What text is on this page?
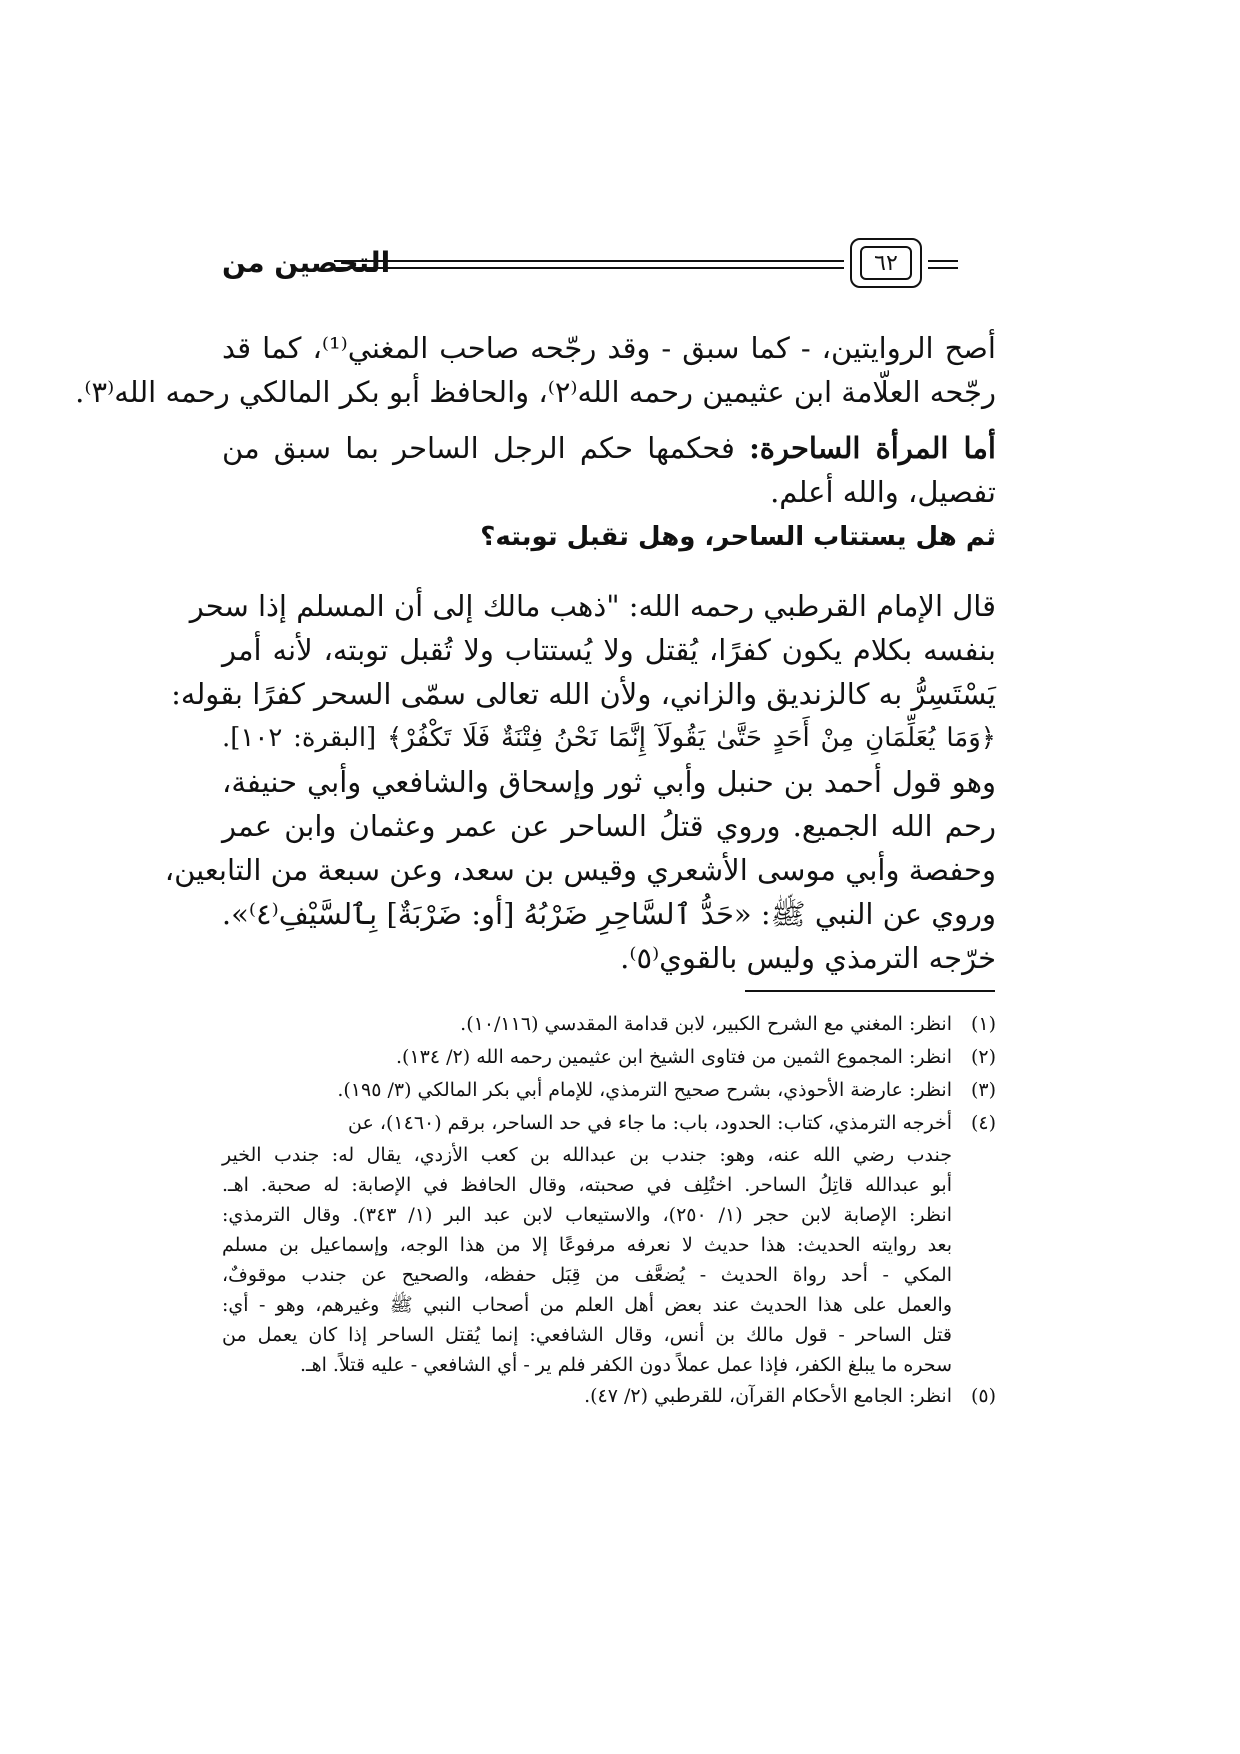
التحصين من	٦٢
أصح الروايتين، - كما سبق - وقد رجّحه صاحب المغني⁽¹⁾، كما قد
رجّحه العلّامة ابن عثيمين رحمه الله⁽٢⁾، والحافظ أبو بكر المالكي رحمه الله⁽٣⁾.
أما المرأة الساحرة: فحكمها حكم الرجل الساحر بما سبق من
تفصيل، والله أعلم.
ثم هل يستتاب الساحر، وهل تقبل توبته؟
قال الإمام القرطبي رحمه الله: "ذهب مالك إلى أن المسلم إذا سحر
بنفسه بكلام يكون كفرًا، يُقتل ولا يُستتاب ولا تُقبل توبته، لأنه أمر
يَسْتَسِرُّ به كالزنديق والزاني، ولأن الله تعالى سمّى السحر كفرًا بقوله:
﴿وَمَا يُعَلِّمَانِ مِنْ أَحَدٍ حَتَّىٰ يَقُولَآ إِنَّمَا نَحْنُ فِتْنَةٌ فَلَا تَكْفُرْ﴾ [البقرة: ١٠٢].
وهو قول أحمد بن حنبل وأبي ثور وإسحاق والشافعي وأبي حنيفة،
رحم الله الجميع. وروي قتلُ الساحر عن عمر وعثمان وابن عمر
وحفصة وأبي موسى الأشعري وقيس بن سعد، وعن سبعة من التابعين،
وروي عن النبي ﷺ: «حَدُّ ٱلسَّاحِرِ ضَرْبُهُ [أو: ضَرْبَةٌ] بِٱلسَّيْفِ⁽٤⁾».
خرّجه الترمذي وليس بالقوي⁽٥⁾.
(١)انظر: المغني مع الشرح الكبير، لابن قدامة المقدسي (١٠/١١٦).
(٢)انظر: المجموع الثمين من فتاوى الشيخ ابن عثيمين رحمه الله (٢/ ١٣٤).
(٣)انظر: عارضة الأحوذي، بشرح صحيح الترمذي، للإمام أبي بكر المالكي (٣/ ١٩٥).
(٤)أخرجه الترمذي، كتاب: الحدود، باب: ما جاء في حد الساحر، برقم (١٤٦٠)، عن
جندب رضي الله عنه، وهو: جندب بن عبدالله بن كعب الأزدي، يقال له: جندب الخير
أبو عبدالله قاتِلُ الساحر. اختُلِف في صحبته، وقال الحافظ في الإصابة: له صحبة. اهـ.
انظر: الإصابة لابن حجر (١/ ٢٥٠)، والاستيعاب لابن عبد البر (١/ ٣٤٣). وقال الترمذي:
بعد روايته الحديث: هذا حديث لا نعرفه مرفوعًا إلا من هذا الوجه، وإسماعيل بن مسلم
المكي - أحد رواة الحديث - يُضعَّف من قِبَل حفظه، والصحيح عن جندب موقوفٌ،
والعمل على هذا الحديث عند بعض أهل العلم من أصحاب النبي ﷺ وغيرهم، وهو - أي:
قتل الساحر - قول مالك بن أنس، وقال الشافعي: إنما يُقتل الساحر إذا كان يعمل من
سحره ما يبلغ الكفر، فإذا عمل عملاً دون الكفر فلم ير - أي الشافعي - عليه قتلاً. اهـ.
(٥)انظر: الجامع الأحكام القرآن، للقرطبي (٢/ ٤٧).
